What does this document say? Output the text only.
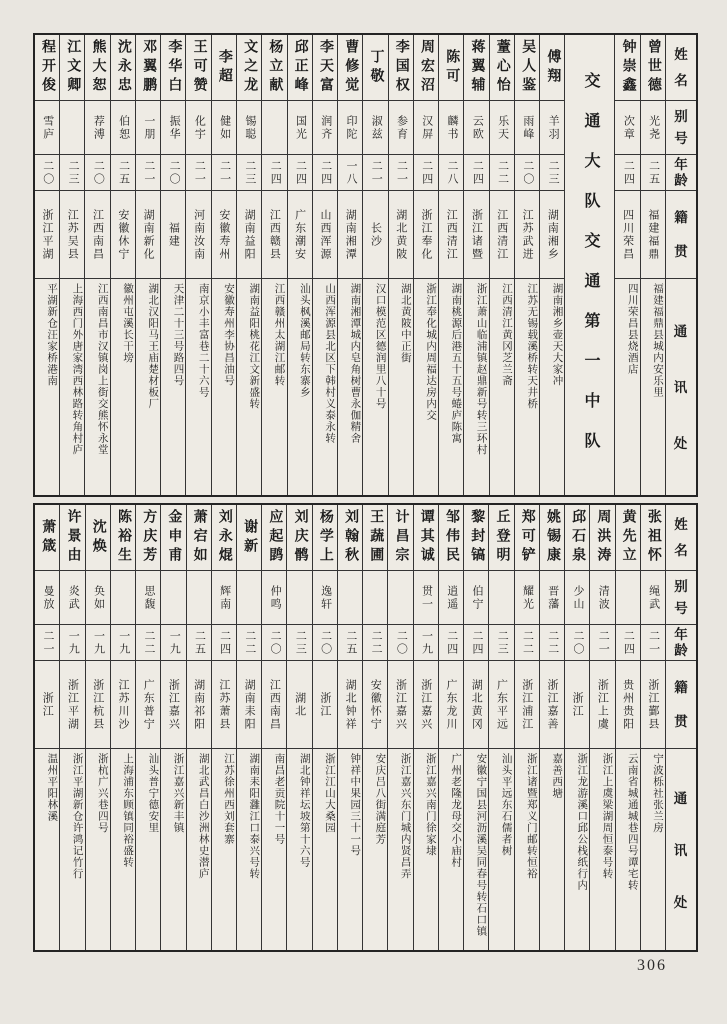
姓
名
别
号
年
龄
籍
贯
通
讯
处
曾世德
光尧
二五
福建福鼎
福建福鼎县城内安乐里
钟崇鑫
次章
二四
四川荣昌
四川荣昌县烧酒店
交通大队交通第一中队
傅翔
羊羽
二三
湖南湘乡
湖南湘乡壶天大家冲
吴人鉴
雨峰
二〇
江苏武进
江苏无锡载溪桥转天井桥
蕫心怡
乐天
二二
江西清江
江西清江黄冈芝兰斋
蒋翼辅
云欧
二四
浙江诸暨
浙江萧山临浦镇赵鼎新号转三环村
陈可
麟书
二八
江西清江
湖南桃源后港五十五号蜷庐陈寓
周宏沼
汉屏
二四
浙江奉化
浙江奉化城内周福达房内交
李国权
参育
二一
湖北黄陂
湖北黄陂中正街
丁敬
淑兹
二一
长沙
汉口模范区德润里八十号
曹修觉
印陀
一八
湖南湘潭
湖南湘潭城内皂角树曹永伽精舍
李天富
润齐
二四
山西浑源
山西浑源县北区下韩村义泰永转
邱正峰
国光
二四
广东潮安
汕头枫溪邮局转东寨乡
杨立献
二四
江西赣县
江西赣州太湖江邮转
文之龙
锡聪
二三
湖南益阳
湖南益阳桃花江文新盛转
李超
健如
二一
安徽寿州
安徽寿州李协昌油号
王可赞
化宇
二一
河南汝南
南京小丰富巷二十六号
李华白
振华
二〇
福建
天津二十三号路四号
邓翼鹏
一朋
二一
湖南新化
湖北汉阳马王庙楚材板厂
沈永忠
伯恕
二五
安徽休宁
徽州屯溪长干塝
熊大恕
荐溥
二〇
江西南昌
江西南昌市汉镇岗上街交熊怀永堂
江文卿
二三
江苏吴县
上海西门外唐家湾西林路转角村庐
程开俊
雪庐
二〇
浙江平湖
平湖新仓汪家桥港南
姓
名
别
号
年
龄
籍
贯
通
讯
处
张祖怀
绳武
二一
浙江鄞县
宁波栎社张兰房
黄先立
二四
贵州贵阳
云南省城通城巷四号谭宅转
周洪涛
清波
二一
浙江上虞
浙江上虞梁湖周恒泰号转
邱石泉
少山
二〇
浙江
浙江龙游溪口邱公栈纸行内
姚锡康
晋藩
二二
浙江嘉善
嘉善西塘
郑可铲
耀光
二二
浙江浦江
浙江诸暨郑义门邮转恒裕
丘登明
二三
广东平远
汕头平远东石儒者树
黎封镐
伯宁
二四
湖北黄冈
安徽宁国县河沥溪吴同春号转石口镇
邹伟民
逍遥
二四
广东龙川
广州老隆龙母交小庙村
谭其诚
贯一
一九
浙江嘉兴
浙江嘉兴南门徐家埭
计昌宗
二〇
浙江嘉兴
浙江嘉兴东门城内贤昌弄
王蔬圃
二二
安徽怀宁
安庆吕八街满庭芳
刘翰秋
二五
湖北钟祥
钟祥中果园三十一号
杨学上
逸轩
二〇
浙江
浙江江山大桑园
刘庆鹘
二三
湖北
湖北钟祥坛坡第十六号
应起鹍
仲鸣
二〇
江西南昌
南昌老贡院十一号
谢新
二二
湖南耒阳
湖南耒阳灉江口泰兴号转
刘永焜
辉南
二四
江苏萧县
江苏徐州西刘套寨
萧宕如
二五
湖南祁阳
湖北武昌白沙洲林史潜庐
金申甫
一九
浙江嘉兴
浙江嘉兴新丰镇
方庆芳
思馥
二二
广东普宁
汕头普宁德安里
陈裕生
一九
江苏川沙
上海浦东顾镇同裕盛转
沈焕
奂如
一九
浙江杭县
浙杭广兴巷四号
许景由
炎武
一九
浙江平湖
浙江平湖新仓许鸿记竹行
萧箴
曼放
二一
浙江
温州平阳林溪
306
